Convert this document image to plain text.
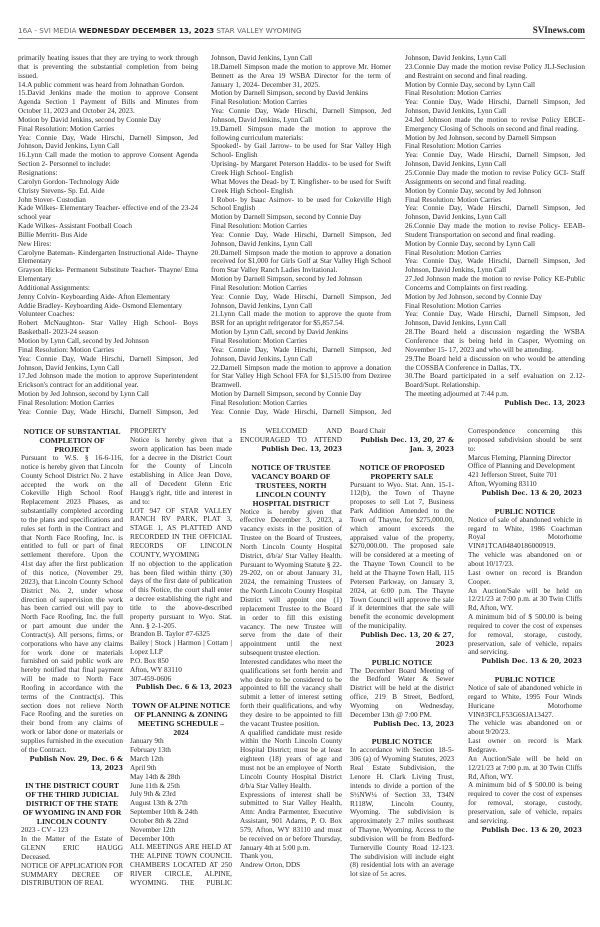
16A - SVI MEDIA WEDNESDAY DECEMBER 13, 2023 STAR VALLEY WYOMING	SVInews.com

primarily heating issues that they are trying to work through that is preventing the substantial completion from being issued.

14.A public comment was heard from Johnathan Gordon.

15.David Jenkins made the motion to approve Consent Agenda Section 1 Payment of Bills and Minutes from October 11, 2023 and October 24, 2023.

Motion by David Jenkins, second by Connie Day

Final Resolution: Motion Carries

Yea: Connie Day, Wade Hirschi, Darnell Simpson, Jed Johnson, David Jenkins, Lynn Call

16.Lynn Call made the motion to approve Consent Agenda Section 2- Personnel to include:

Resignations:

Carolyn Gordon- Technology Aide

Christy Stevens- Sp. Ed. Aide

John Stover- Custodian

Kade Wilkes- Elementary Teacher- effective end of the 23-24 school year

Kade Wilkes- Assistant Football Coach

Billie Merritt- Bus Aide

New Hires:

Carolyne Bateman- Kindergarten Instructional Aide- Thayne Elementary

Grayson Hicks- Permanent Substitute Teacher- Thayne/ Etna Elementary

Additional Assignments:

Jenny Colvin- Keyboarding Aide- Afton Elementary

Addie Bradley- Keyboarding Aide- Osmond Elementary

Volunteer Coaches:

Robert McNaughton- Star Valley High School- Boys Basketball- 2023-24 season

Motion by Lynn Call, second by Jed Johnson

Final Resolution: Motion Carries

Yea: Connie Day, Wade Hirschi, Darnell Simpson, Jed Johnson, David Jenkins, Lynn Call

17.Jed Johnson made the motion to approve Superintendent Erickson's contract for an additional year.

Motion by Jed Johnson, second by Lynn Call

Final Resolution: Motion Carries

Yea: Connie Day, Wade Hirschi, Darnell Simpson, Jed

Johnson, David Jenkins, Lynn Call

18.Darnell Simpson made the motion to approve Mr. Homer Bennett as the Area 19 WSBA Director for the term of January 1, 2024- December 31, 2025.

Motion by Darnell Simpson, second by David Jenkins

Final Resolution: Motion Carries

Yea: Connie Day, Wade Hirschi, Darnell Simpson, Jed Johnson, David Jenkins, Lynn Call

19.Darnell Simpson made the motion to approve the following curriculum materials:

Spooked!- by Gail Jarrow- to be used for Star Valley High School- English

Uprising- by Margaret Peterson Haddix- to be used for Swift Creek High School- English

What Moves the Dead- by T. Kingfisher- to be used for Swift Creek High School- English

I Robot- by Isaac Asimov- to be used for Cokeville High School English

Motion by Darnell Simpson, second by Connie Day

Final Resolution: Motion Carries

Yea: Connie Day, Wade Hirschi, Darnell Simpson, Jed Johnson, David Jenkins, Lynn Call

20.Darnell Simpson made the motion to approve a donation received for $1,000 for Girls Golf at Star Valley High School from Star Valley Ranch Ladies Invitational.

Motion by Darnell Simpson, second by Jed Johnson

Final Resolution: Motion Carries

Yea: Connie Day, Wade Hirschi, Darnell Simpson, Jed Johnson, David Jenkins, Lynn Call

21.Lynn Call made the motion to approve the quote from BSR for an upright refrigerator for $5,857.54.

Motion by Lynn Call, second by David Jenkins

Final Resolution: Motion Carries

Yea: Connie Day, Wade Hirschi, Darnell Simpson, Jed Johnson, David Jenkins, Lynn Call

22.Darnell Simpson made the motion to approve a donation for Star Valley High School FFA for $1,515.00 from Deziree Bramwell.

Motion by Darnell Simpson, second by Connie Day

Final Resolution: Motion Carries

Yea: Connie Day, Wade Hirschi, Darnell Simpson, Jed

Johnson, David Jenkins, Lynn Call

23.Connie Day made the motion revise Policy JLJ-Seclusion and Restraint on second and final reading.

Motion by Connie Day, second by Lynn Call

Final Resolution: Motion Carries

Yea: Connie Day, Wade Hirschi, Darnell Simpson, Jed Johnson, David Jenkins, Lynn Call

24.Jed Johnson made the motion to revise Policy EBCE-Emergency Closing of Schools on second and final reading.

Motion by Jed Johnson, second by Darnell Simpson

Final Resolution: Motion Carries

Yea: Connie Day, Wade Hirschi, Darnell Simpson, Jed Johnson, David Jenkins, Lynn Call

25.Connie Day made the motion to revise Policy GCI- Staff Assignments on second and final reading.

Motion by Connie Day, second by Jed Johnson

Final Resolution: Motion Carries

Yea: Connie Day, Wade Hirschi, Darnell Simpson, Jed Johnson, David Jenkins, Lynn Call

26.Connie Day made the motion to revise Policy- EEAB-Student Transportation on second and final reading.

Motion by Connie Day, second by Lynn Call

Final Resolution: Motion Carries

Yea: Connie Day, Wade Hirschi, Darnell Simpson, Jed Johnson, David Jenkins, Lynn Call

27.Jed Johnson made the motion to revise Policy KE-Public Concerns and Complaints on first reading.

Motion by Jed Johnson, second by Connie Day

Final Resolution: Motion Carries

Yea: Connie Day, Wade Hirschi, Darnell Simpson, Jed Johnson, David Jenkins, Lynn Call

28.The Board held a discussion regarding the WSBA Conference that is being held in Casper, Wyoming on November 15- 17, 2023 and who will be attending.

29.The Board held a discussion on who would be attending the COSSBA Conference in Dallas, TX.

30.The Board participated in a self evaluation on 2.12-Board/Supt. Relationship.

The meeting adjourned at 7:44 p.m.

Publish Dec. 13, 2023

NOTICE OF SUBSTANTIAL COMPLETION OF PROJECT

Pursuant to W.S. § 16-6-116, notice is hereby given that Lincoln County School District No. 2 have accepted the work on the Cokeville High School Roof Replacement 2023 Phases, as substantially completed according to the plans and specifications and rules set forth in the Contract and that North Face Roofing, Inc. is entitled to full or part of final settlement therefore. Upon the 41st day after the first publication of this notice, (November 29, 2023), that Lincoln County School District No. 2, under whose direction of supervision the work has been carried out will pay to North Face Roofing, Inc. the full or part amount due under the Contract(s). All persons, firms, or corporations who have any claims for work done or materials furnished on said public work are hereby notified that final payment will be made to North Face Roofing in accordance with the terms of the Contract(s). This section does not relieve North Face Roofing and the sureties on their bond from any claims of work or labor done or materials or supplies furnished in the execution of the Contract.

Publish Nov. 29, Dec. 6 & 13, 2023

IN THE DISTRICT COURT OF THE THIRD JUDICIAL DISTRICT OF THE STATE OF WYOMING IN AND FOR LINCOLN COUNTY

2023 - CV - 123

In the Matter of the Estate of GLENN ERIC HAUGG Deceased.

NOTICE OF APPLICATION FOR SUMMARY DECREE OF DISTRIBUTION OF REAL

PROPERTY

Notice is hereby given that a sworn application has been made for a decree in the District Court for the County of Lincoln establishing in Alice Jean Dove, all of Decedent Glenn Eric Haugg's right, title and interest in and to:

LOT 947 OF STAR VALLEY RANCH RV PARK, PLAT 3, STAGE 1, AS PLATTED AND RECORDED IN THE OFFICIAL RECORDS OF LINCOLN COUNTY, WYOMING

If no objection to the application has been filed within thirty (30) days of the first date of publication of this Notice, the court shall enter a decree establishing the right and title to the above-described property pursuant to Wyo. Stat. Ann. § 2-1-205.

Brandon B. Taylor #7-6325

Bailey | Stock | Harmon | Cottam | Lopez LLP

P.O. Box 850

Afton, WY 83110

307-459-0606

Publish Dec. 6 & 13, 2023

TOWN OF ALPINE NOTICE OF PLANNING & ZONING MEETING SCHEDULE – 2024

January 9th

February 13th

March 12th

April 9th

May 14th & 28th

June 11th & 25th

July 9th & 23rd

August 13th & 27th

September 10th & 24th

October 8th & 22nd

November 12th

December 10th

ALL MEETINGS ARE HELD AT THE ALPINE TOWN COUNCIL CHAMBERS LOCATED AT 250 RIVER CIRCLE, ALPINE, WYOMING. THE PUBLIC

IS WELCOMED AND ENCOURAGED TO ATTEND

Publish Dec. 13, 2023

NOTICE OF TRUSTEE VACANCY BOARD OF TRUSTEES, NORTH LINCOLN COUNTY HOSPITAL DISTRICT

Notice is hereby given that effective December 3, 2023, a vacancy exists in the position of Trustee on the Board of Trustees, North Lincoln County Hospital District, d/b/a/ Star Valley Health. Pursuant to Wyoming Statute § 22-29-202, on or about January 31, 2024, the remaining Trustees of the North Lincoln County Hospital District will appoint one (1) replacement Trustee to the Board in order to fill this existing vacancy. The new Trustee will serve from the date of their appointment until the next subsequent trustee election.

Interested candidates who meet the qualifications set forth herein and who desire to be considered to be appointed to fill the vacancy shall submit a letter of interest setting forth their qualifications, and why they desire to be appointed to fill the vacant Trustee position.

A qualified candidate must reside within the North Lincoln County Hospital District; must be at least eighteen (18) years of age and must not be an employee of North Lincoln County Hospital District d/b/a Star Valley Health.

Expressions of interest shall be submitted to Star Valley Health, Attn: Andra Parmenter, Executive Assistant, 901 Adams, P. O. Box 579, Afton, WY 83110 and must be received on or before Thursday, January 4th at 5:00 p.m.

Thank you,

Andrew Orton, DDS

Board Chair

Publish Dec. 13, 20, 27 & Jan. 3, 2023

NOTICE OF PROPOSED PROPERTY SALE

Pursuant to Wyo. Stat. Ann. 15-1-112(b), the Town of Thayne proposes to sell Lot 7, Business Park Addition Amended to the Town of Thayne, for $275,000.00, which amount exceeds the appraised value of the property, $270,000.00. The proposed sale will be considered at a meeting of the Thayne Town Council to be held at the Thayne Town Hall, 115 Petersen Parkway, on January 3, 2024, at 6:00 p.m. The Thayne Town Council will approve the sale if it determines that the sale will benefit the economic development of the municipality.

Publish Dec. 13, 20 & 27, 2023

PUBLIC NOTICE

The December Board Meeting of the Bedford Water & Sewer District will be held at the district office, 219 B Street, Bedford, Wyoming on Wednesday, December 13th @ 7:00 PM.

Publish Dec. 13, 2023

PUBLIC NOTICE

In accordance with Section 18-5-306 (a) of Wyoming Statutes, 2023 Real Estate Subdivision, the Lenore H. Clark Living Trust, intends to divide a portion of the S½NW¼ of Section 33, T34N R118W, Lincoln County, Wyoming. The subdivision is approximately 2.7 miles southeast of Thayne, Wyoming. Access to the subdivision will be from Bedford-Turnerville County Road 12-123. The subdivision will include eight (8) residential lots with an average lot size of 5± acres.

Correspondence concerning this proposed subdivision should be sent to:

Marcus Fleming, Planning Director

Office of Planning and Development

421 Jefferson Street, Suite 701

Afton, Wyoming 83110

Publish Dec. 13 & 20, 2023

PUBLIC NOTICE

Notice of sale of abandoned vehicle in regard to White, 1986 Coachman Royal Motorhome VIN#1TCA04840186000919.

The vehicle was abandoned on or about 10/17/23.

Last owner on record is Brandon Cooper.

An Auction/Sale will be held on 12/21/23 at 7:00 p.m. at 30 Twin Cliffs Rd, Afton, WY.

A minimum bid of $ 500.00 is being required to cover the cost of expenses for removal, storage, custody, preservation, sale of vehicle, repairs and servicing.

Publish Dec. 13 & 20, 2023

PUBLIC NOTICE

Notice of sale of abandoned vehicle in regard to White, 1995 Four Winds Huricane Motorhome VIN#3FCLF53G6SJA13427.

The vehicle was abandoned on or about 9/20/23.

Last owner on record is Mark Redgrave.

An Auction/Sale will be held on 12/21/23 at 7:00 p.m. at 30 Twin Cliffs Rd, Afton, WY.

A minimum bid of $ 500.00 is being required to cover the cost of expenses for removal, storage, custody, preservation, sale of vehicle, repairs and servicing.

Publish Dec. 13 & 20, 2023
